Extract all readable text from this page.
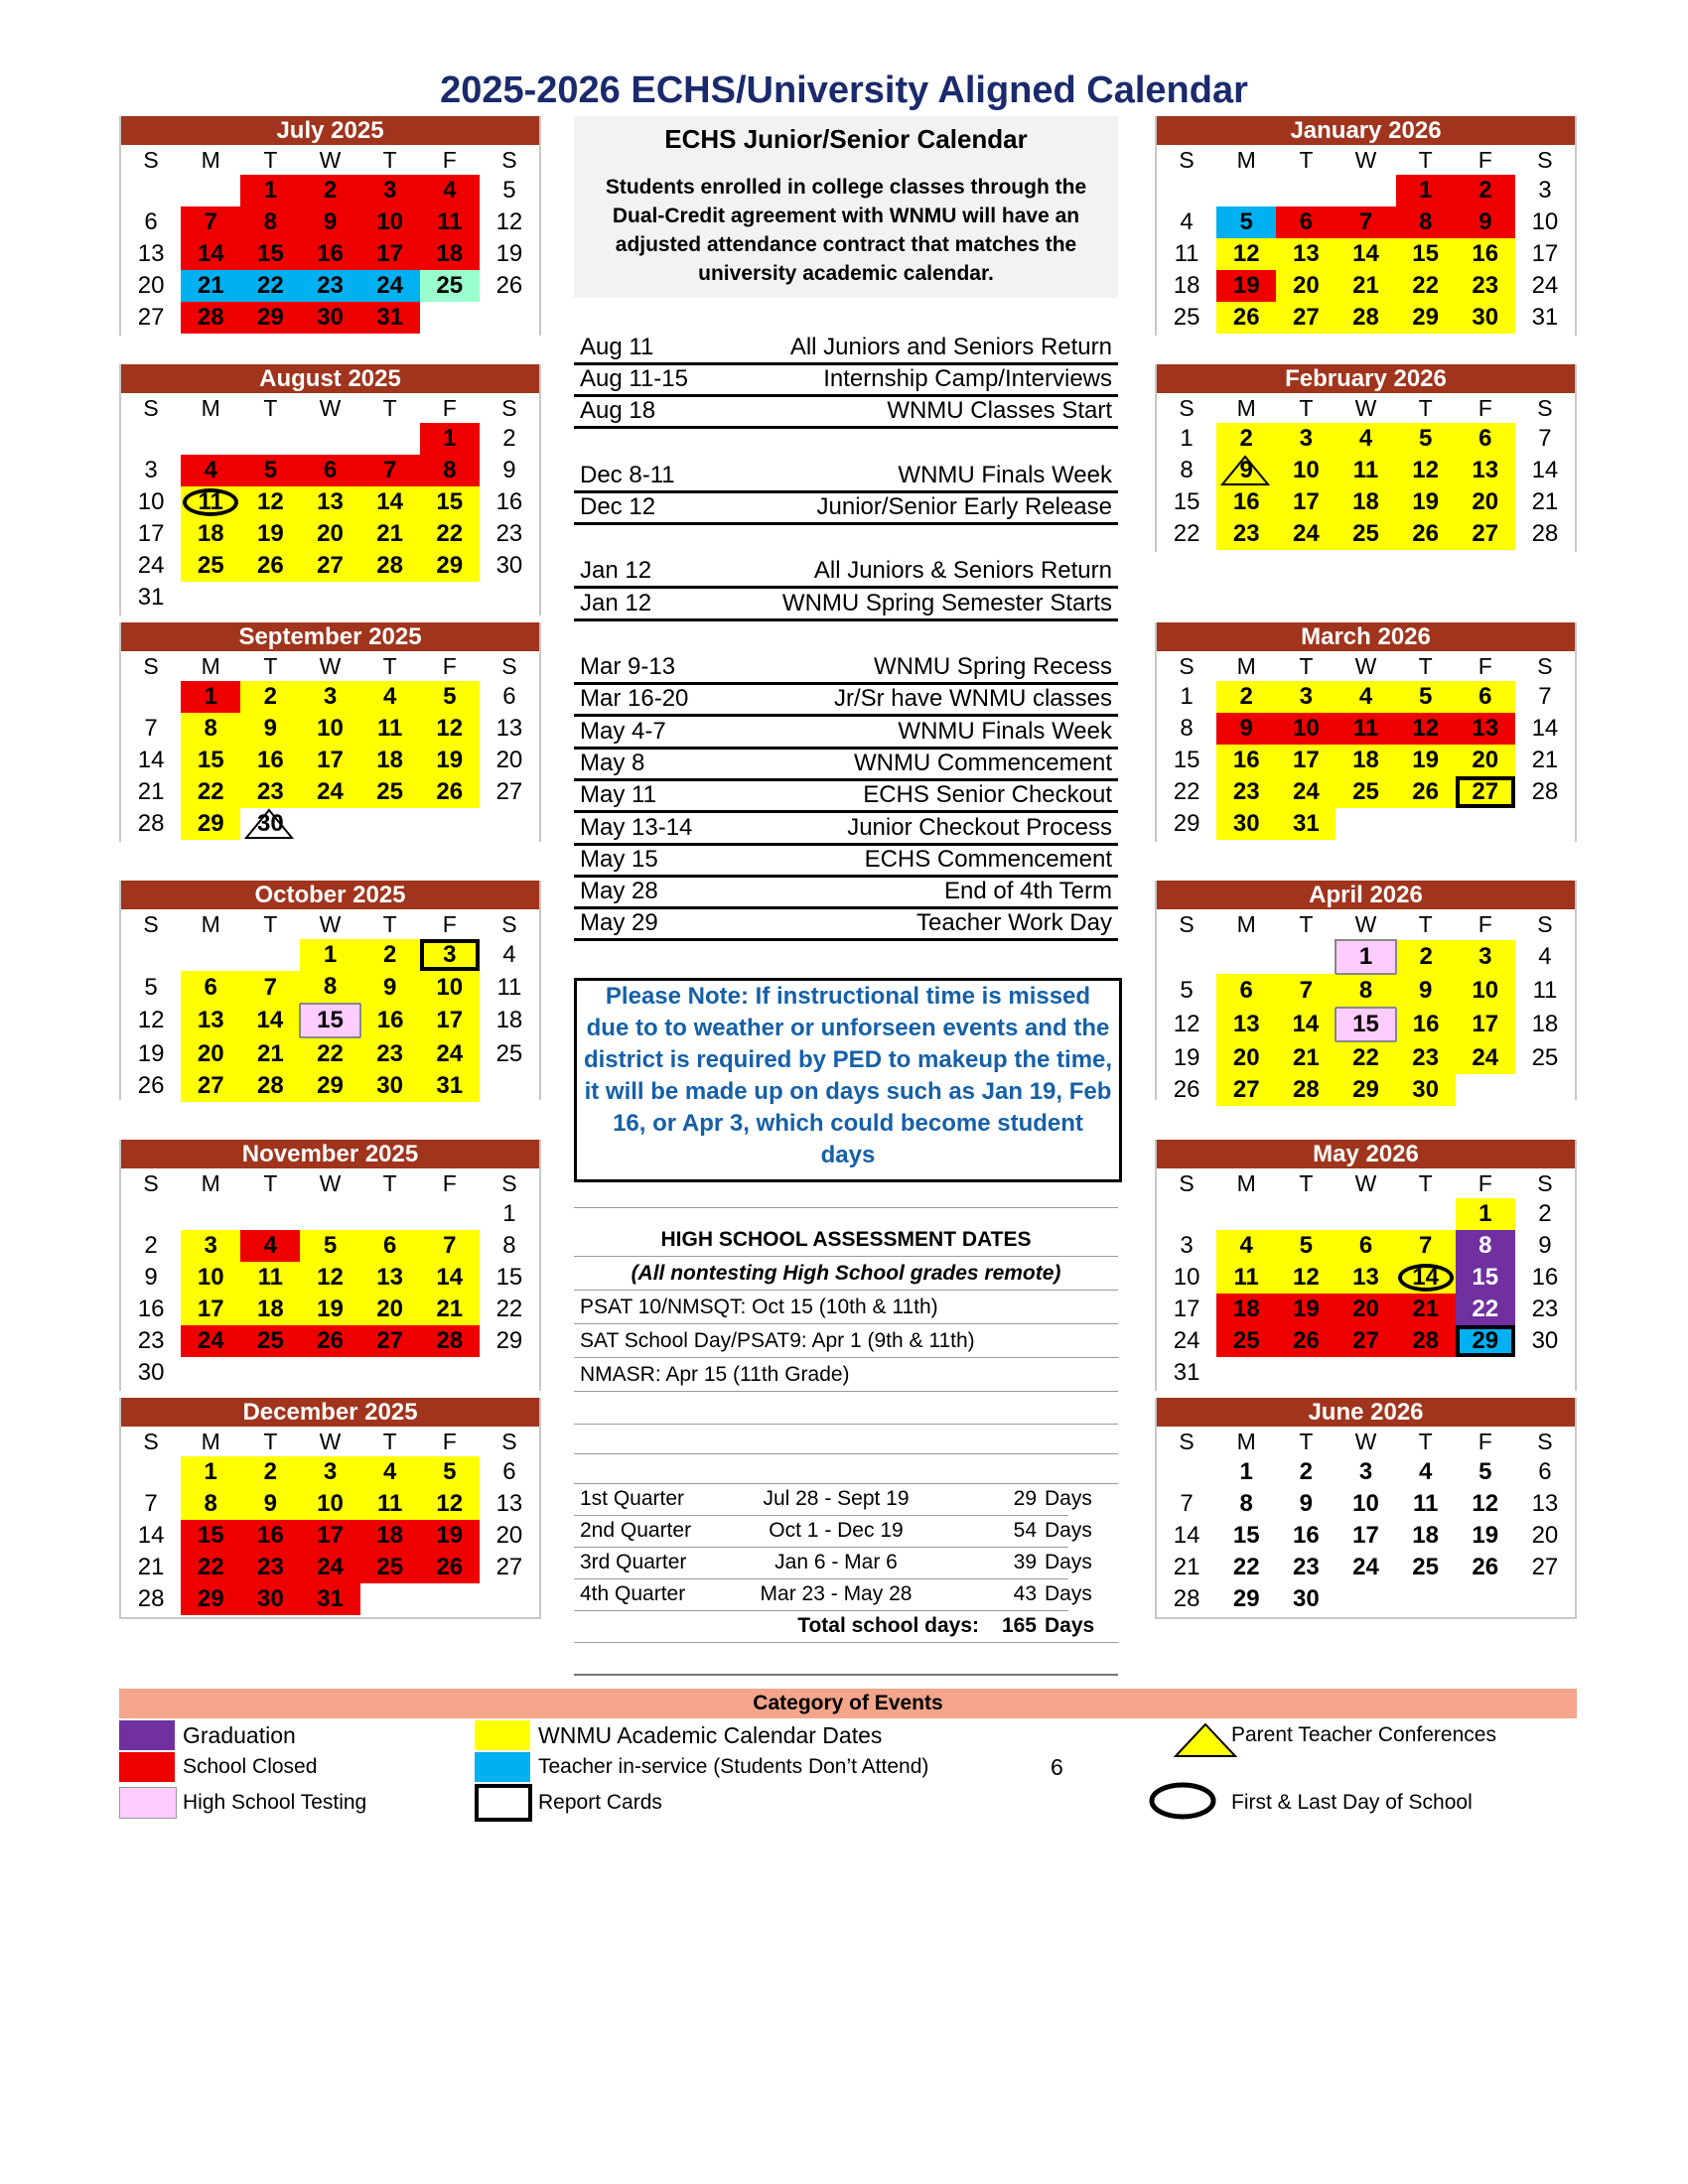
2025-2026 ECHS/University Aligned Calendar
July 2025
S	M	T	W	T	F	S
		1	2	3	4	5
6	7	8	9	10	11	12
13	14	15	16	17	18	19
20	21	22	23	24	25	26
27	28	29	30	31		
August 2025
S	M	T	W	T	F	S
					1	2
3	4	5	6	7	8	9
10	11	12	13	14	15	16
17	18	19	20	21	22	23
24	25	26	27	28	29	30
31						
September 2025
S	M	T	W	T	F	S
	1	2	3	4	5	6
7	8	9	10	11	12	13
14	15	16	17	18	19	20
21	22	23	24	25	26	27
28	29	30				
October 2025
S	M	T	W	T	F	S
			1	2	3	4
5	6	7	8	9	10	11
12	13	14	15	16	17	18
19	20	21	22	23	24	25
26	27	28	29	30	31	
November 2025
S	M	T	W	T	F	S
						1
2	3	4	5	6	7	8
9	10	11	12	13	14	15
16	17	18	19	20	21	22
23	24	25	26	27	28	29
30						
December 2025
S	M	T	W	T	F	S
	1	2	3	4	5	6
7	8	9	10	11	12	13
14	15	16	17	18	19	20
21	22	23	24	25	26	27
28	29	30	31			
January 2026
S	M	T	W	T	F	S
				1	2	3
4	5	6	7	8	9	10
11	12	13	14	15	16	17
18	19	20	21	22	23	24
25	26	27	28	29	30	31
February 2026
S	M	T	W	T	F	S
1	2	3	4	5	6	7
8	9	10	11	12	13	14
15	16	17	18	19	20	21
22	23	24	25	26	27	28
March 2026
S	M	T	W	T	F	S
1	2	3	4	5	6	7
8	9	10	11	12	13	14
15	16	17	18	19	20	21
22	23	24	25	26	27	28
29	30	31				
April 2026
S	M	T	W	T	F	S
			1	2	3	4
5	6	7	8	9	10	11
12	13	14	15	16	17	18
19	20	21	22	23	24	25
26	27	28	29	30		
May 2026
S	M	T	W	T	F	S
					1	2
3	4	5	6	7	8	9
10	11	12	13	14	15	16
17	18	19	20	21	22	23
24	25	26	27	28	29	30
31						
June 2026
S	M	T	W	T	F	S
	1	2	3	4	5	6
7	8	9	10	11	12	13
14	15	16	17	18	19	20
21	22	23	24	25	26	27
28	29	30				
ECHS Junior/Senior Calendar
Students enrolled in college classes through the Dual-Credit agreement with WNMU will have an adjusted attendance contract that matches the university academic calendar.
Aug 11	All Juniors and Seniors Return
Aug 11-15	Internship Camp/Interviews
Aug 18	WNMU Classes Start
Dec 8-11	WNMU Finals Week
Dec 12	Junior/Senior Early Release
Jan 12	All Juniors & Seniors Return
Jan 12	WNMU Spring Semester Starts
Mar 9-13	WNMU Spring Recess
Mar 16-20	Jr/Sr have WNMU classes
May 4-7	WNMU Finals Week
May 8	WNMU Commencement
May 11	ECHS Senior Checkout
May 13-14	Junior Checkout Process
May 15	ECHS Commencement
May 28	End of 4th Term
May 29	Teacher Work Day
Please Note: If instructional time is missed due to to weather or unforseen events and the district is required by PED to makeup the time, it will be made up on days such as Jan 19, Feb 16, or Apr 3, which could become student days
HIGH SCHOOL ASSESSMENT DATES
(All nontesting High School grades remote)
PSAT 10/NMSQT: Oct 15 (10th & 11th)
SAT School Day/PSAT9: Apr 1 (9th & 11th)
NMASR: Apr 15 (11th Grade)
1st Quarter	Jul 28 - Sept 19	29 Days
2nd Quarter	Oct 1 - Dec 19	54 Days
3rd Quarter	Jan 6 - Mar 6	39 Days
4th Quarter	Mar 23 - May 28	43 Days
Total school days:	165 Days
Category of Events
Graduation
School Closed
High School Testing
WNMU Academic Calendar Dates
Teacher in-service (Students Don’t Attend)	6
Report Cards
Parent Teacher Conferences
First & Last Day of School
